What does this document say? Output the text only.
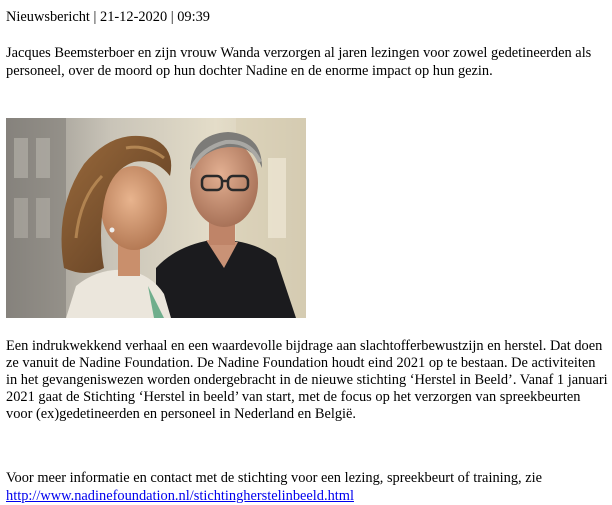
Nieuwsbericht | 21-12-2020 | 09:39

Jacques Beemsterboer en zijn vrouw Wanda verzorgen al jaren lezingen voor zowel gedetineerden als personeel, over de moord op hun dochter Nadine en de enorme impact op hun gezin.

Een indrukwekkend verhaal en een waardevolle bijdrage aan slachtofferbewustzijn en herstel. Dat doen ze vanuit de Nadine Foundation. De Nadine Foundation houdt eind 2021 op te bestaan. De activiteiten in het gevangeniswezen worden ondergebracht in de nieuwe stichting ‘Herstel in Beeld’. Vanaf 1 januari 2021 gaat de Stichting ‘Herstel in beeld’ van start, met de focus op het verzorgen van spreekbeurten voor (ex)gedetineerden en personeel in Nederland en België.

Voor meer informatie en contact met de stichting voor een lezing, spreekbeurt of training, zie
http://www.nadinefoundation.nl/stichtingherstelinbeeld.html
